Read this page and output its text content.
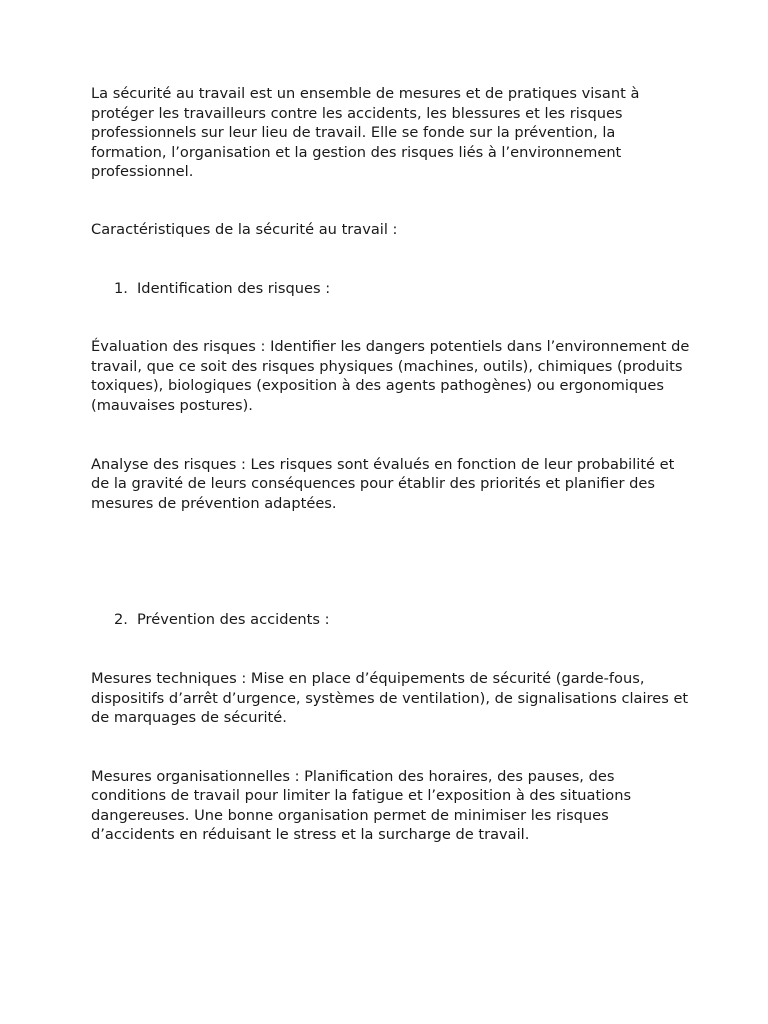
La sécurité au travail est un ensemble de mesures et de pratiques visant à protéger les travailleurs contre les accidents, les blessures et les risques professionnels sur leur lieu de travail. Elle se fonde sur la prévention, la formation, l’organisation et la gestion des risques liés à l’environnement professionnel.

Caractéristiques de la sécurité au travail :

1. Identification des risques :

Évaluation des risques : Identifier les dangers potentiels dans l’environnement de travail, que ce soit des risques physiques (machines, outils), chimiques (produits toxiques), biologiques (exposition à des agents pathogènes) ou ergonomiques (mauvaises postures).

Analyse des risques : Les risques sont évalués en fonction de leur probabilité et de la gravité de leurs conséquences pour établir des priorités et planifier des mesures de prévention adaptées.

2. Prévention des accidents :

Mesures techniques : Mise en place d’équipements de sécurité (garde-fous, dispositifs d’arrêt d’urgence, systèmes de ventilation), de signalisations claires et de marquages de sécurité.

Mesures organisationnelles : Planification des horaires, des pauses, des conditions de travail pour limiter la fatigue et l’exposition à des situations dangereuses. Une bonne organisation permet de minimiser les risques d’accidents en réduisant le stress et la surcharge de travail.
